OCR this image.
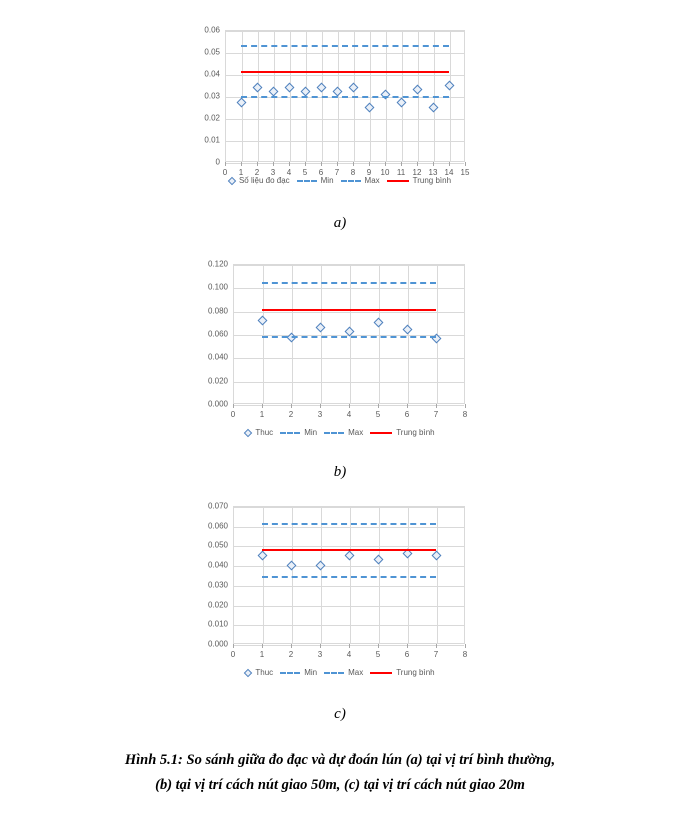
0
0.01
0.02
0.03
0.04
0.05
0.06
0 1 2 3 4 5 6 7 8 9 10 11 12 13 14 15
Số liệu đo đạc	Min	Max	Trung bình
a)
0.000
0.020
0.040
0.060
0.080
0.100
0.120
0	1	2	3	4	5	6	7	8
Thuc	Min	Max	Trung bình
b)
0.000
0.010
0.020
0.030
0.040
0.050
0.060
0.070
0	1	2	3	4	5	6	7	8
Thuc	Min	Max	Trung bình
c)
Hình 5.1: So sánh giữa đo đạc và dự đoán lún (a) tại vị trí bình thường,
(b) tại vị trí cách nút giao 50m, (c) tại vị trí cách nút giao 20m
